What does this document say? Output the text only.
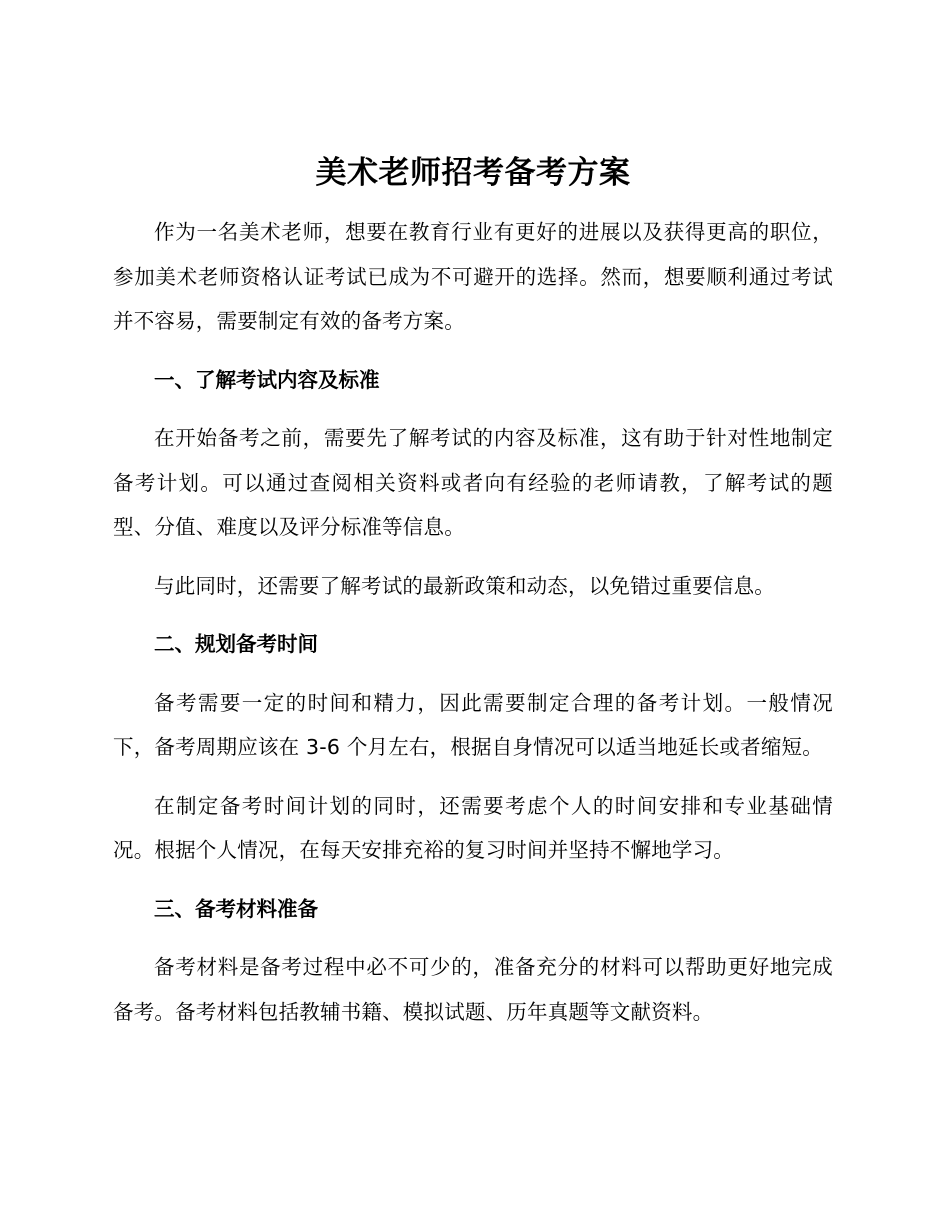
美术老师招考备考方案

作为一名美术老师，想要在教育行业有更好的进展以及获得更高的职位，参加美术老师资格认证考试已成为不可避开的选择。然而，想要顺利通过考试并不容易，需要制定有效的备考方案。

一、了解考试内容及标准

在开始备考之前，需要先了解考试的内容及标准，这有助于针对性地制定备考计划。可以通过查阅相关资料或者向有经验的老师请教，了解考试的题型、分值、难度以及评分标准等信息。

与此同时，还需要了解考试的最新政策和动态，以免错过重要信息。

二、规划备考时间

备考需要一定的时间和精力，因此需要制定合理的备考计划。一般情况下，备考周期应该在 3-6 个月左右，根据自身情况可以适当地延长或者缩短。

在制定备考时间计划的同时，还需要考虑个人的时间安排和专业基础情况。根据个人情况，在每天安排充裕的复习时间并坚持不懈地学习。

三、备考材料准备

备考材料是备考过程中必不可少的，准备充分的材料可以帮助更好地完成备考。备考材料包括教辅书籍、模拟试题、历年真题等文献资料。
